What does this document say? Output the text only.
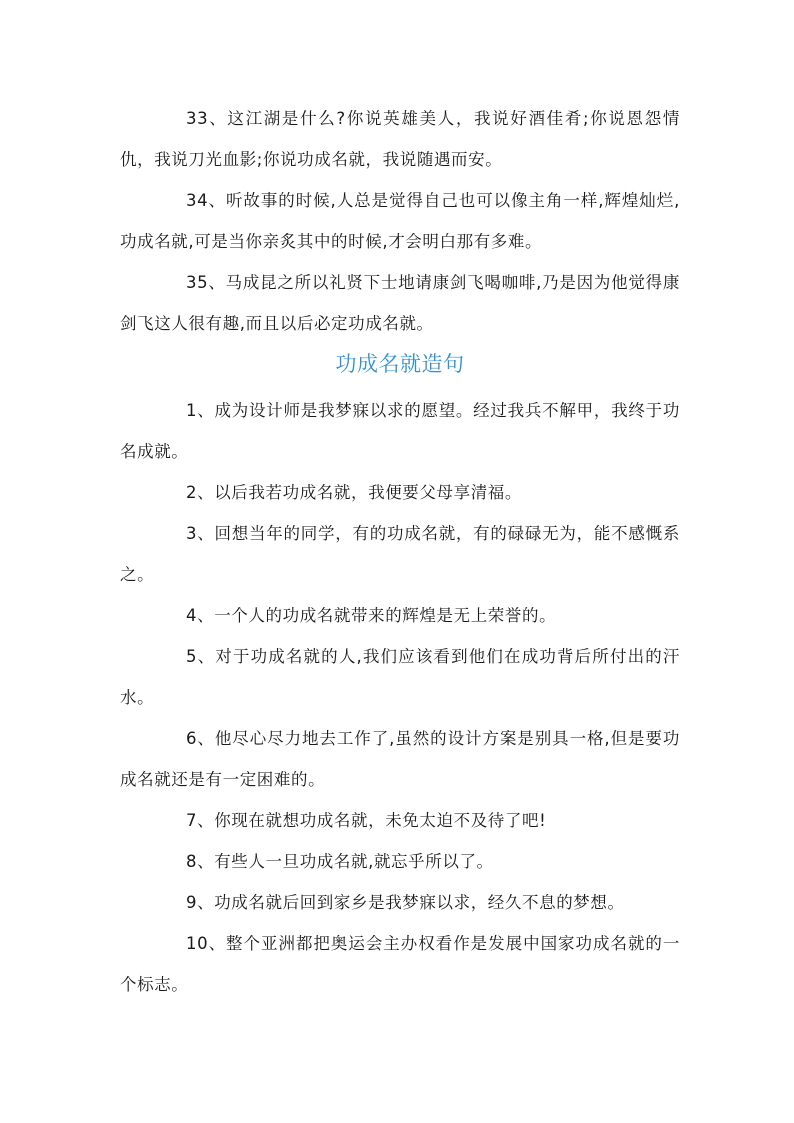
33、这江湖是什么?你说英雄美人，我说好酒佳肴;你说恩怨情仇，我说刀光血影;你说功成名就，我说随遇而安。

34、听故事的时候,人总是觉得自己也可以像主角一样,辉煌灿烂,功成名就,可是当你亲炙其中的时候,才会明白那有多难。

35、马成昆之所以礼贤下士地请康剑飞喝咖啡,乃是因为他觉得康剑飞这人很有趣,而且以后必定功成名就。

功成名就造句

1、成为设计师是我梦寐以求的愿望。经过我兵不解甲，我终于功名成就。

2、以后我若功成名就，我便要父母享清福。

3、回想当年的同学，有的功成名就，有的碌碌无为，能不感慨系之。

4、一个人的功成名就带来的辉煌是无上荣誉的。

5、对于功成名就的人,我们应该看到他们在成功背后所付出的汗水。

6、他尽心尽力地去工作了,虽然的设计方案是别具一格,但是要功成名就还是有一定困难的。

7、你现在就想功成名就，未免太迫不及待了吧!

8、有些人一旦功成名就,就忘乎所以了。

9、功成名就后回到家乡是我梦寐以求，经久不息的梦想。

10、整个亚洲都把奥运会主办权看作是发展中国家功成名就的一个标志。
